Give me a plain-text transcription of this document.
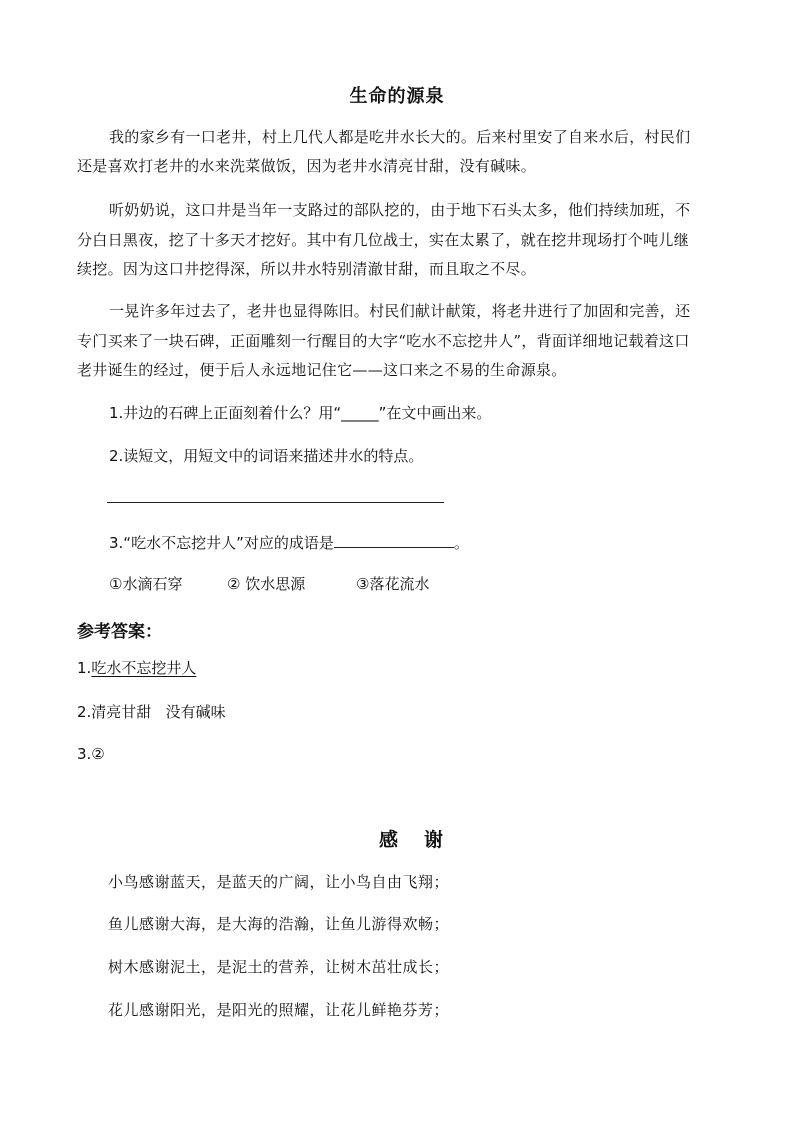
生命的源泉
我的家乡有一口老井，村上几代人都是吃井水长大的。后来村里安了自来水后，村民们
还是喜欢打老井的水来洗菜做饭，因为老井水清亮甘甜，没有碱味。
听奶奶说，这口井是当年一支路过的部队挖的，由于地下石头太多，他们持续加班，不
分白日黑夜，挖了十多天才挖好。其中有几位战士，实在太累了，就在挖井现场打个吨儿继
续挖。因为这口井挖得深，所以井水特别清澈甘甜，而且取之不尽。
一晃许多年过去了，老井也显得陈旧。村民们献计献策，将老井进行了加固和完善，还
专门买来了一块石碑，正面雕刻一行醒目的大字“吃水不忘挖井人”，背面详细地记载着这口
老井诞生的经过，便于后人永远地记住它——这口来之不易的生命源泉。
1.井边的石碑上正面刻着什么？用“_____”在文中画出来。
2.读短文，用短文中的词语来描述井水的特点。
3.“吃水不忘挖井人”对应的成语是	。
①水滴石穿	② 饮水思源	③落花流水
参考答案：
1.吃水不忘挖井人
2.清亮甘甜   没有碱味
3.②
感谢
小鸟感谢蓝天，是蓝天的广阔，让小鸟自由飞翔；
鱼儿感谢大海，是大海的浩瀚，让鱼儿游得欢畅；
树木感谢泥土，是泥土的营养，让树木茁壮成长；
花儿感谢阳光，是阳光的照耀，让花儿鲜艳芬芳；
